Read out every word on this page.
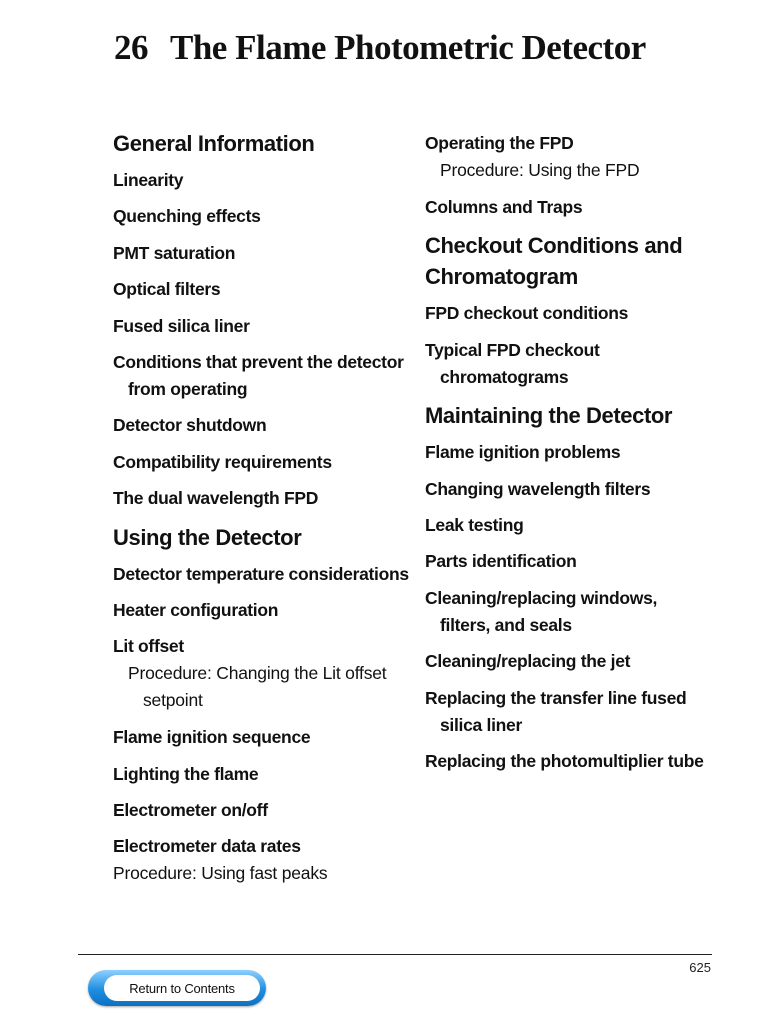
26 The Flame Photometric Detector
General Information
Linearity
Quenching effects
PMT saturation
Optical filters
Fused silica liner
Conditions that prevent the detector
from operating
Detector shutdown
Compatibility requirements
The dual wavelength FPD
Using the Detector
Detector temperature considerations
Heater configuration
Lit offset
Procedure: Changing the Lit offset
setpoint
Flame ignition sequence
Lighting the flame
Electrometer on/off
Electrometer data rates
Procedure: Using fast peaks
Operating the FPD
Procedure: Using the FPD
Columns and Traps
Checkout Conditions and
Chromatogram
FPD checkout conditions
Typical FPD checkout
chromatograms
Maintaining the Detector
Flame ignition problems
Changing wavelength filters
Leak testing
Parts identification
Cleaning/replacing windows,
filters, and seals
Cleaning/replacing the jet
Replacing the transfer line fused
silica liner
Replacing the photomultiplier tube
625
Return to Contents
